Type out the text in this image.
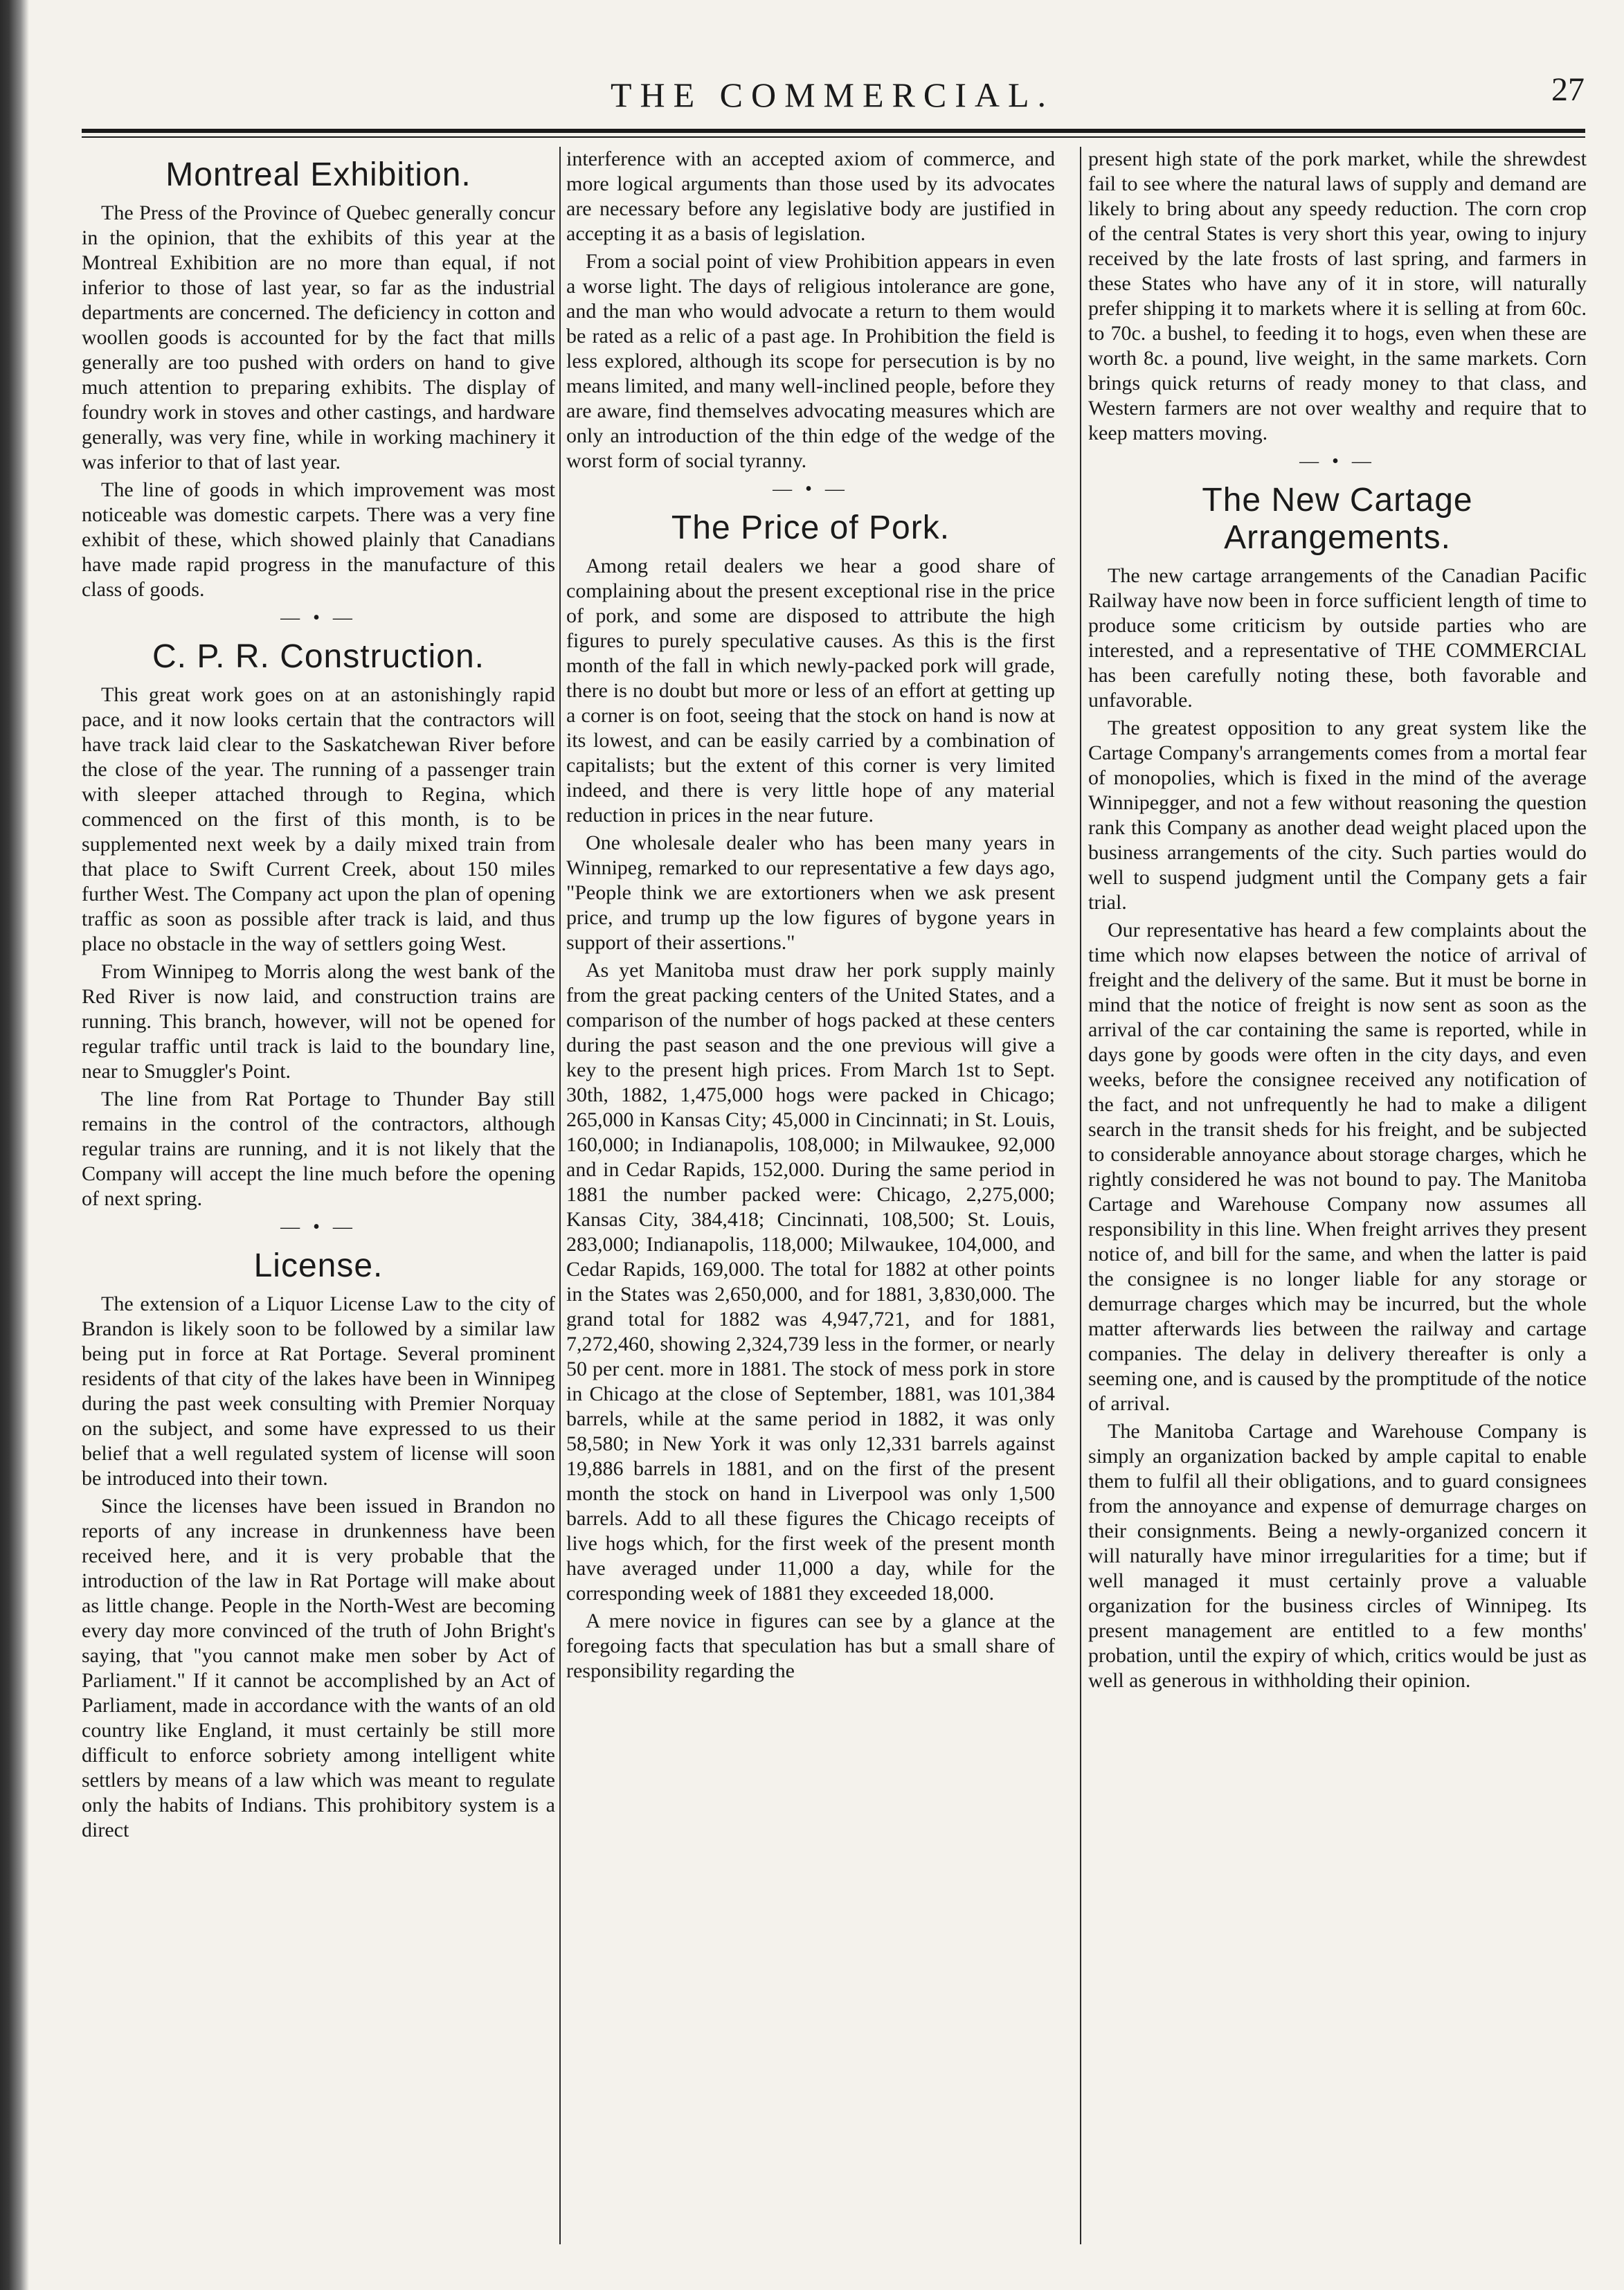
THE COMMERCIAL.	27
Montreal Exhibition.

The Press of the Province of Quebec generally concur in the opinion, that the exhibits of this year at the Montreal Exhibition are no more than equal, if not inferior to those of last year, so far as the industrial departments are concerned. The deficiency in cotton and woollen goods is accounted for by the fact that mills generally are too pushed with orders on hand to give much attention to preparing exhibits. The display of foundry work in stoves and other castings, and hardware generally, was very fine, while in working machinery it was inferior to that of last year.

The line of goods in which improvement was most noticeable was domestic carpets. There was a very fine exhibit of these, which showed plainly that Canadians have made rapid progress in the manufacture of this class of goods.

— • —
C. P. R. Construction.

This great work goes on at an astonishingly rapid pace, and it now looks certain that the contractors will have track laid clear to the Saskatchewan River before the close of the year. The running of a passenger train with sleeper attached through to Regina, which commenced on the first of this month, is to be supplemented next week by a daily mixed train from that place to Swift Current Creek, about 150 miles further West. The Company act upon the plan of opening traffic as soon as possible after track is laid, and thus place no obstacle in the way of settlers going West.

From Winnipeg to Morris along the west bank of the Red River is now laid, and construction trains are running. This branch, however, will not be opened for regular traffic until track is laid to the boundary line, near to Smuggler's Point.

The line from Rat Portage to Thunder Bay still remains in the control of the contractors, although regular trains are running, and it is not likely that the Company will accept the line much before the opening of next spring.

— • —
License.

The extension of a Liquor License Law to the city of Brandon is likely soon to be followed by a similar law being put in force at Rat Portage. Several prominent residents of that city of the lakes have been in Winnipeg during the past week consulting with Premier Norquay on the subject, and some have expressed to us their belief that a well regulated system of license will soon be introduced into their town.

Since the licenses have been issued in Brandon no reports of any increase in drunkenness have been received here, and it is very probable that the introduction of the law in Rat Portage will make about as little change. People in the North-West are becoming every day more convinced of the truth of John Bright's saying, that "you cannot make men sober by Act of Parliament." If it cannot be accomplished by an Act of Parliament, made in accordance with the wants of an old country like England, it must certainly be still more difficult to enforce sobriety among intelligent white settlers by means of a law which was meant to regulate only the habits of Indians. This prohibitory system is a direct

interference with an accepted axiom of commerce, and more logical arguments than those used by its advocates are necessary before any legislative body are justified in accepting it as a basis of legislation.

From a social point of view Prohibition appears in even a worse light. The days of religious intolerance are gone, and the man who would advocate a return to them would be rated as a relic of a past age. In Prohibition the field is less explored, although its scope for persecution is by no means limited, and many well-inclined people, before they are aware, find themselves advocating measures which are only an introduction of the thin edge of the wedge of the worst form of social tyranny.

— • —
The Price of Pork.

Among retail dealers we hear a good share of complaining about the present exceptional rise in the price of pork, and some are disposed to attribute the high figures to purely speculative causes. As this is the first month of the fall in which newly-packed pork will grade, there is no doubt but more or less of an effort at getting up a corner is on foot, seeing that the stock on hand is now at its lowest, and can be easily carried by a combination of capitalists; but the extent of this corner is very limited indeed, and there is very little hope of any material reduction in prices in the near future.

One wholesale dealer who has been many years in Winnipeg, remarked to our representative a few days ago, "People think we are extortioners when we ask present price, and trump up the low figures of bygone years in support of their assertions."

As yet Manitoba must draw her pork supply mainly from the great packing centers of the United States, and a comparison of the number of hogs packed at these centers during the past season and the one previous will give a key to the present high prices. From March 1st to Sept. 30th, 1882, 1,475,000 hogs were packed in Chicago; 265,000 in Kansas City; 45,000 in Cincinnati; in St. Louis, 160,000; in Indianapolis, 108,000; in Milwaukee, 92,000 and in Cedar Rapids, 152,000. During the same period in 1881 the number packed were: Chicago, 2,275,000; Kansas City, 384,418; Cincinnati, 108,500; St. Louis, 283,000; Indianapolis, 118,000; Milwaukee, 104,000, and Cedar Rapids, 169,000. The total for 1882 at other points in the States was 2,650,000, and for 1881, 3,830,000. The grand total for 1882 was 4,947,721, and for 1881, 7,272,460, showing 2,324,739 less in the former, or nearly 50 per cent. more in 1881. The stock of mess pork in store in Chicago at the close of September, 1881, was 101,384 barrels, while at the same period in 1882, it was only 58,580; in New York it was only 12,331 barrels against 19,886 barrels in 1881, and on the first of the present month the stock on hand in Liverpool was only 1,500 barrels. Add to all these figures the Chicago receipts of live hogs which, for the first week of the present month have averaged under 11,000 a day, while for the corresponding week of 1881 they exceeded 18,000.

A mere novice in figures can see by a glance at the foregoing facts that speculation has but a small share of responsibility regarding the

present high state of the pork market, while the shrewdest fail to see where the natural laws of supply and demand are likely to bring about any speedy reduction. The corn crop of the central States is very short this year, owing to injury received by the late frosts of last spring, and farmers in these States who have any of it in store, will naturally prefer shipping it to markets where it is selling at from 60c. to 70c. a bushel, to feeding it to hogs, even when these are worth 8c. a pound, live weight, in the same markets. Corn brings quick returns of ready money to that class, and Western farmers are not over wealthy and require that to keep matters moving.

— • —
The New Cartage Arrangements.

The new cartage arrangements of the Canadian Pacific Railway have now been in force sufficient length of time to produce some criticism by outside parties who are interested, and a representative of THE COMMERCIAL has been carefully noting these, both favorable and unfavorable.

The greatest opposition to any great system like the Cartage Company's arrangements comes from a mortal fear of monopolies, which is fixed in the mind of the average Winnipegger, and not a few without reasoning the question rank this Company as another dead weight placed upon the business arrangements of the city. Such parties would do well to suspend judgment until the Company gets a fair trial.

Our representative has heard a few complaints about the time which now elapses between the notice of arrival of freight and the delivery of the same. But it must be borne in mind that the notice of freight is now sent as soon as the arrival of the car containing the same is reported, while in days gone by goods were often in the city days, and even weeks, before the consignee received any notification of the fact, and not unfrequently he had to make a diligent search in the transit sheds for his freight, and be subjected to considerable annoyance about storage charges, which he rightly considered he was not bound to pay. The Manitoba Cartage and Warehouse Company now assumes all responsibility in this line. When freight arrives they present notice of, and bill for the same, and when the latter is paid the consignee is no longer liable for any storage or demurrage charges which may be incurred, but the whole matter afterwards lies between the railway and cartage companies. The delay in delivery thereafter is only a seeming one, and is caused by the promptitude of the notice of arrival.

The Manitoba Cartage and Warehouse Company is simply an organization backed by ample capital to enable them to fulfil all their obligations, and to guard consignees from the annoyance and expense of demurrage charges on their consignments. Being a newly-organized concern it will naturally have minor irregularities for a time; but if well managed it must certainly prove a valuable organization for the business circles of Winnipeg. Its present management are entitled to a few months' probation, until the expiry of which, critics would be just as well as generous in withholding their opinion.
